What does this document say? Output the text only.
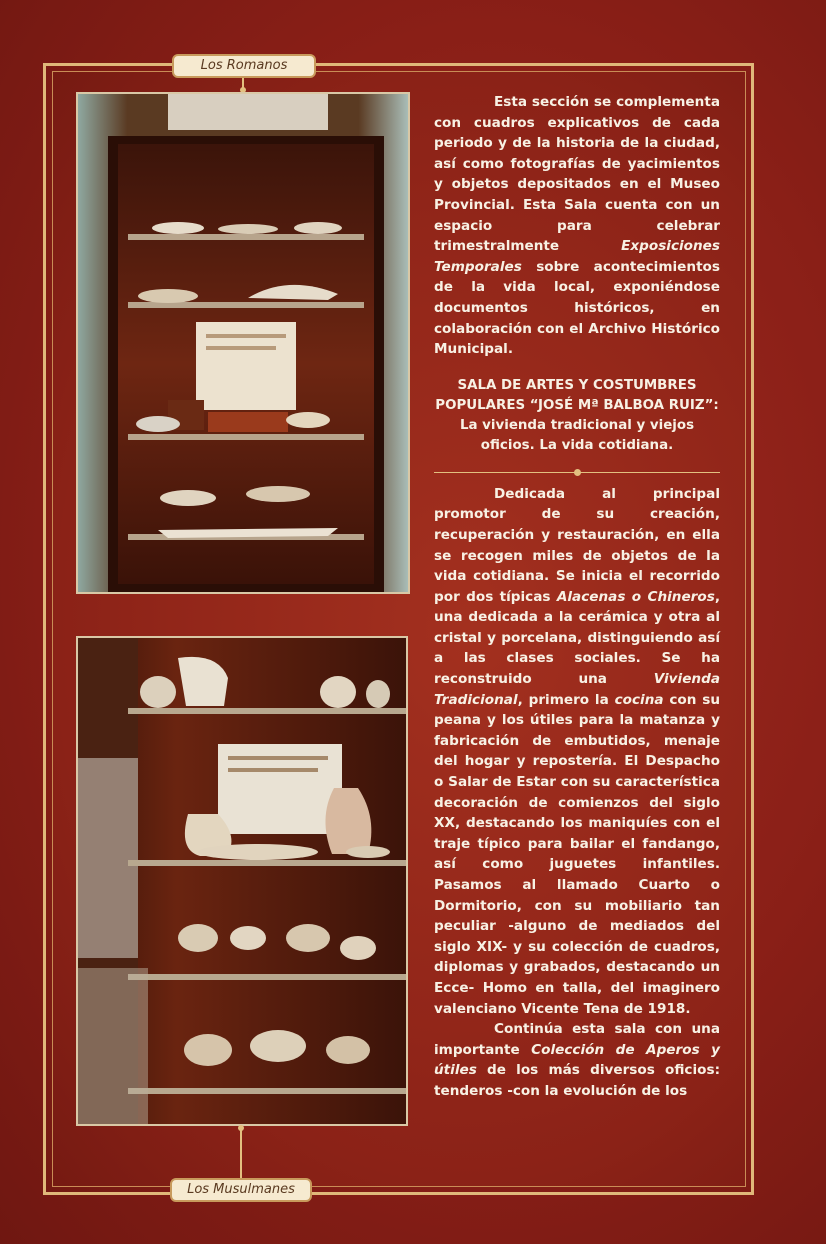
Los Romanos

Esta sección se complementa con cuadros explicativos de cada periodo y de la historia de la ciudad, así como fotografías de yacimientos y objetos depositados en el Museo Provincial. Esta Sala cuenta con un espacio para celebrar trimestralmente Exposiciones Temporales sobre acontecimientos de la vida local, exponiéndose documentos históricos, en colaboración con el Archivo Histórico Municipal.

SALA DE ARTES Y COSTUMBRES POPULARES “JOSÉ Mª BALBOA RUIZ”: La vivienda tradicional y viejos oficios. La vida cotidiana.

Dedicada al principal promotor de su creación, recuperación y restauración, en ella se recogen miles de objetos de la vida cotidiana. Se inicia el recorrido por dos típicas Alacenas o Chineros, una dedicada a la cerámica y otra al cristal y porcelana, distinguiendo así a las clases sociales. Se ha reconstruido una Vivienda Tradicional, primero la cocina con su peana y los útiles para la matanza y fabricación de embutidos, menaje del hogar y repostería. El Despacho o Salar de Estar con su característica decoración de comienzos del siglo XX, destacando los maniquíes con el traje típico para bailar el fandango, así como juguetes infantiles. Pasamos al llamado Cuarto o Dormitorio, con su mobiliario tan peculiar -alguno de mediados del siglo XIX- y su colección de cuadros, diplomas y grabados, destacando un Ecce- Homo en talla, del imaginero valenciano Vicente Tena de 1918.

Continúa esta sala con una importante Colección de Aperos y útiles de los más diversos oficios: tenderos -con la evolución de los

Los Musulmanes
